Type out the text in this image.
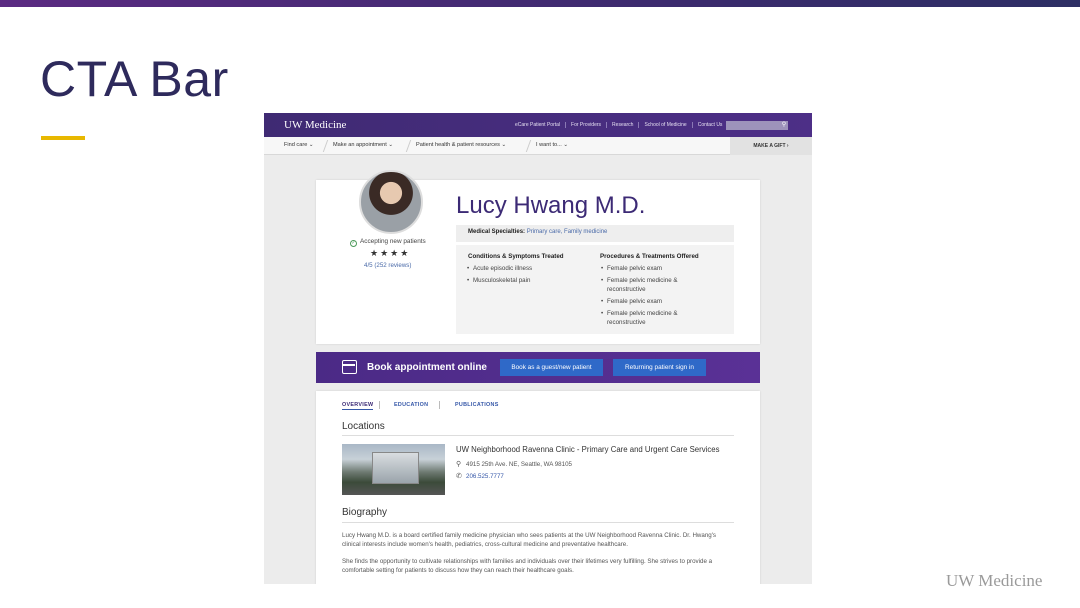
CTA Bar
UW Medicine	eCare Patient Portal	For Providers	Research	School of Medicine	Contact Us	⚲
Find care ⌄	Make an appointment ⌄	Patient health & patient resources ⌄	I want to... ⌄	MAKE A GIFT ›
✓ Accepting new patients
★★★★
4/5 (252 reviews)
Lucy Hwang M.D.
Medical Specialties: Primary care, Family medicine
Conditions & Symptoms Treated
• Acute episodic illness
• Musculoskeletal pain
Procedures & Treatments Offered
• Female pelvic exam
• Female pelvic medicine &
reconstructive
• Female pelvic exam
• Female pelvic medicine &
reconstructive
Book appointment online	Book as a guest/new patient	Returning patient sign in
OVERVIEW	EDUCATION	PUBLICATIONS
Locations
UW Neighborhood Ravenna Clinic - Primary Care and Urgent Care Services
⚲ 4915 25th Ave. NE, Seattle, WA 98105
✆ 206.525.7777
Biography
Lucy Hwang M.D. is a board certified family medicine physician who sees patients at the UW Neighborhood Ravenna Clinic. Dr. Hwang's clinical interests include women's health, pediatrics, cross-cultural medicine and preventative healthcare.
She finds the opportunity to cultivate relationships with families and individuals over their lifetimes very fulfilling. She strives to provide a comfortable setting for patients to discuss how they can reach their healthcare goals.
UW Medicine
